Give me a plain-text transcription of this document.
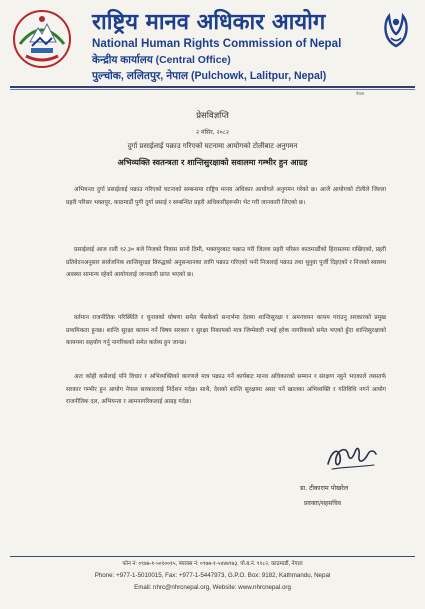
राष्ट्रिय मानव अधिकार आयोग
National Human Rights Commission of Nepal
केन्द्रीय कार्यालय (Central Office)
पुल्चोक, ललितपुर, नेपाल (Pulchowk, Lalitpur, Nepal)
नेपाल
प्रेसविज्ञप्ति
२ मंसिर, २०८२
दुर्गा प्रसाईलाई पक्राउ गरिएको घटनामा आयोगको टोलीबाट अनुगमन
अभिव्यक्ति स्वतन्त्रता र शान्तिसुरक्षाको सवालमा गम्भीर हुन आग्रह
अभियन्ता दुर्गा प्रसाईलाई पक्राउ गरिएको घटनाको सम्बन्धमा राष्ट्रिय मानव अधिकार आयोगले अनुगमन गरेको छ। आजै आयोगको टोलीले जिल्ला प्रहरी परिसर भक्तपुर, काठमाडौं पुगी दुर्गा प्रसाई र सम्बन्धित प्रहरी अधिकारीहरूसँग भेट गरी जानकारी लिएको छ।
प्रसाईलाई आज राती १२.३० बजे निजको निवास सानो ठिमी, भक्तपुरबाट पक्राउ गरी जिल्ला प्रहरी परिसर काठमाडौंको हिरासतमा राखिएको, प्रहरी प्रतिवेदनअनुसार सार्वजनिक शान्तिसुरक्षा विरुद्धको अनुसन्धानका लागि पक्राउ गरिएको भनी निजलाई पक्राउ तथा थुनुवा पुर्जी दिइएको र निजको स्वास्थ्य अवस्था सामान्य रहेको आयोगलाई जानकारी प्राप्त भएको छ।
वर्तमान राजनीतिक परिस्थिति र चुनावको घोषणा समेत भैसकेको सन्दर्भमा देशमा शान्तिसुरक्षा र अमनचयन कायम गराउनु सरकारको प्रमुख प्राथमिकता हुनछ। शान्ति सुरक्षा कायम गर्ने विषय सरकार र सुरक्षा निकायको मात्र जिम्मेवारी नभई हरेक नागरिकको समेत भएको हुँदा शान्तिसुरक्षाको कायममा सहयोग गर्नु नागरिकको समेत कर्तव्य हुन जान्छ।
अतः कोही कसैलाई पनि विचार र अभिव्यक्तिको कारणले मात्र पक्राउ गर्ने कार्यबाट मानव अधिकारको सम्मान र संरक्षण नहुने भएकाले त्यसतर्फ सरकार गम्भीर हुन आयोग नेपाल सरकारलाई निर्देशन गर्दछ। साथै, देशको शान्ति सुरक्षामा असर पर्ने खालका अभिव्यक्ति र गतिविधि नगर्न आयोग राजनीतिक दल, अभियन्ता र आमनागरिकलाई आग्रह गर्दछ।
डा. टीकाराम पोखरेल
प्रवक्ता/सहसचिव
फोन नं: ०९७७-१-५०१००१५, फ्याक्स नं: ०९७७-१-५४४७९७३, पो.ब.नं. ९१८२, काठमाडौं, नेपाल
Phone: +977-1-5010015, Fax: +977-1-5447973, G.P.O. Box: 9182, Kathmandu, Nepal
Email: nhrc@nhrcnepal.org, Website: www.nhrcnepal.org
